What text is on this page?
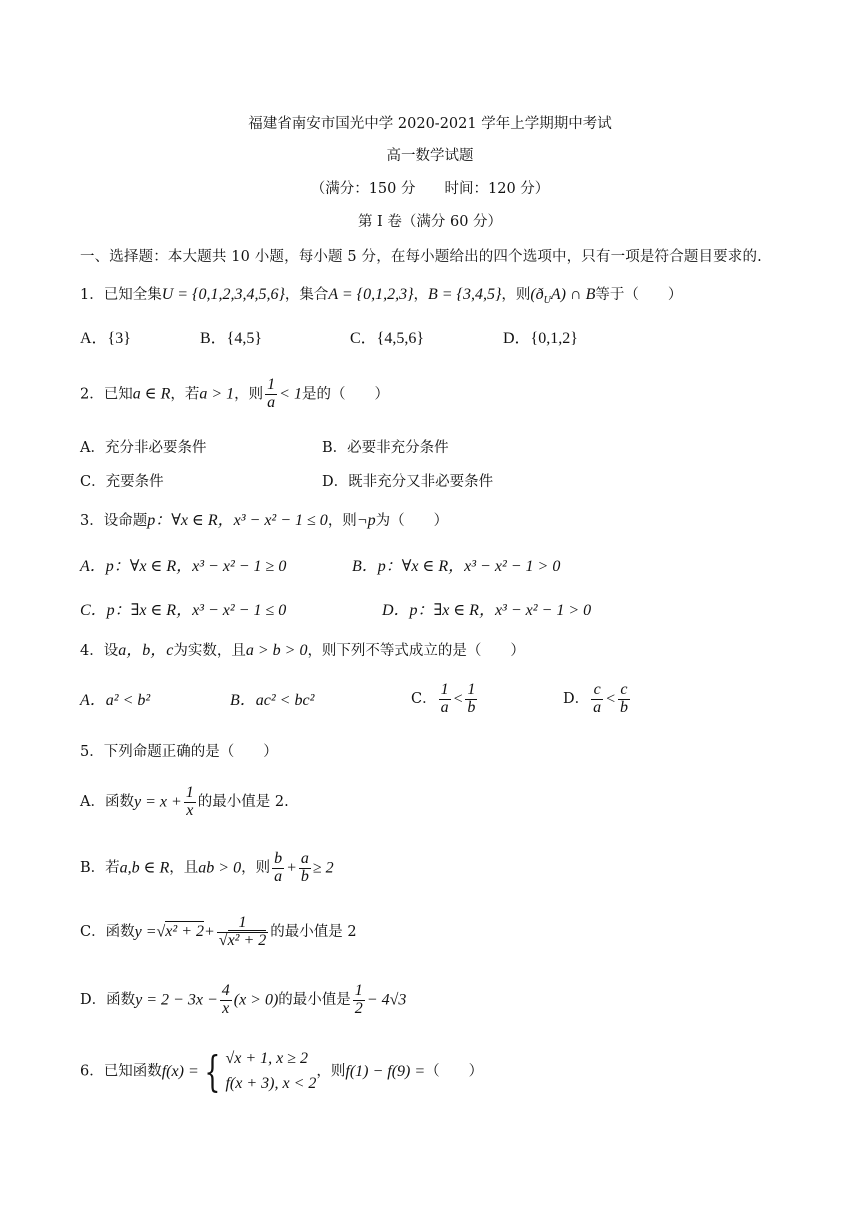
福建省南安市国光中学 2020-2021 学年上学期期中考试
高一数学试题
（满分：150 分　　时间：120 分）
第 I 卷（满分 60 分）
一、选择题：本大题共 10 小题，每小题 5 分，在每小题给出的四个选项中，只有一项是符合题目要求的.
1．已知全集U = {0,1,2,3,4,5,6}，集合A = {0,1,2,3}，B = {3,4,5}，则$(ð_UA)$ ∩ B等于（　　）
A．{3}	B．{4,5}	C．{4,5,6}	D．{0,1,2}
2．已知a ∈ R，若a > 1，则 $\frac{1}{a} < 1$是的（　　）
A．充分非必要条件	B．必要非充分条件
C．充要条件	D．既非充分又非必要条件
3．设命题p：∀x ∈ R，x³ − x² − 1 ≤ 0，则¬p为（　　）
A．p：∀x ∈ R，x³ − x² − 1 ≥ 0	B．p：∀x ∈ R，x³ − x² − 1 > 0
C．p：∃x ∈ R，x³ − x² − 1 ≤ 0	D．p：∃x ∈ R，x³ − x² − 1 > 0
4．设a，b，c为实数，且a > b > 0，则下列不等式成立的是（　　）
A．a² < b²	B．ac² < bc²	C． $\frac{1}{a} < \frac{1}{b}$	D． $\frac{c}{a} < \frac{c}{b}$
5．下列命题正确的是（　　）
A．函数$y = x + \frac{1}{x}$ 的最小值是 2.
B．若a,b ∈ R，且ab > 0，则 $\frac{b}{a} + \frac{a}{b} \ge 2$
C．函数$y =√x^2 + 2+ \frac{1}{\text{√x² + 2}}$ 的最小值是 2
D．函数$y = 2 - 3x - \frac{4}{x} (x > 0)$的最小值是 $\frac{1}{2} - 4√3$
6．已知函数f(x) = { √x + 1, x ≥ 2
f(x + 3), x < 2
，则f(1) − f(9) =（　　）
